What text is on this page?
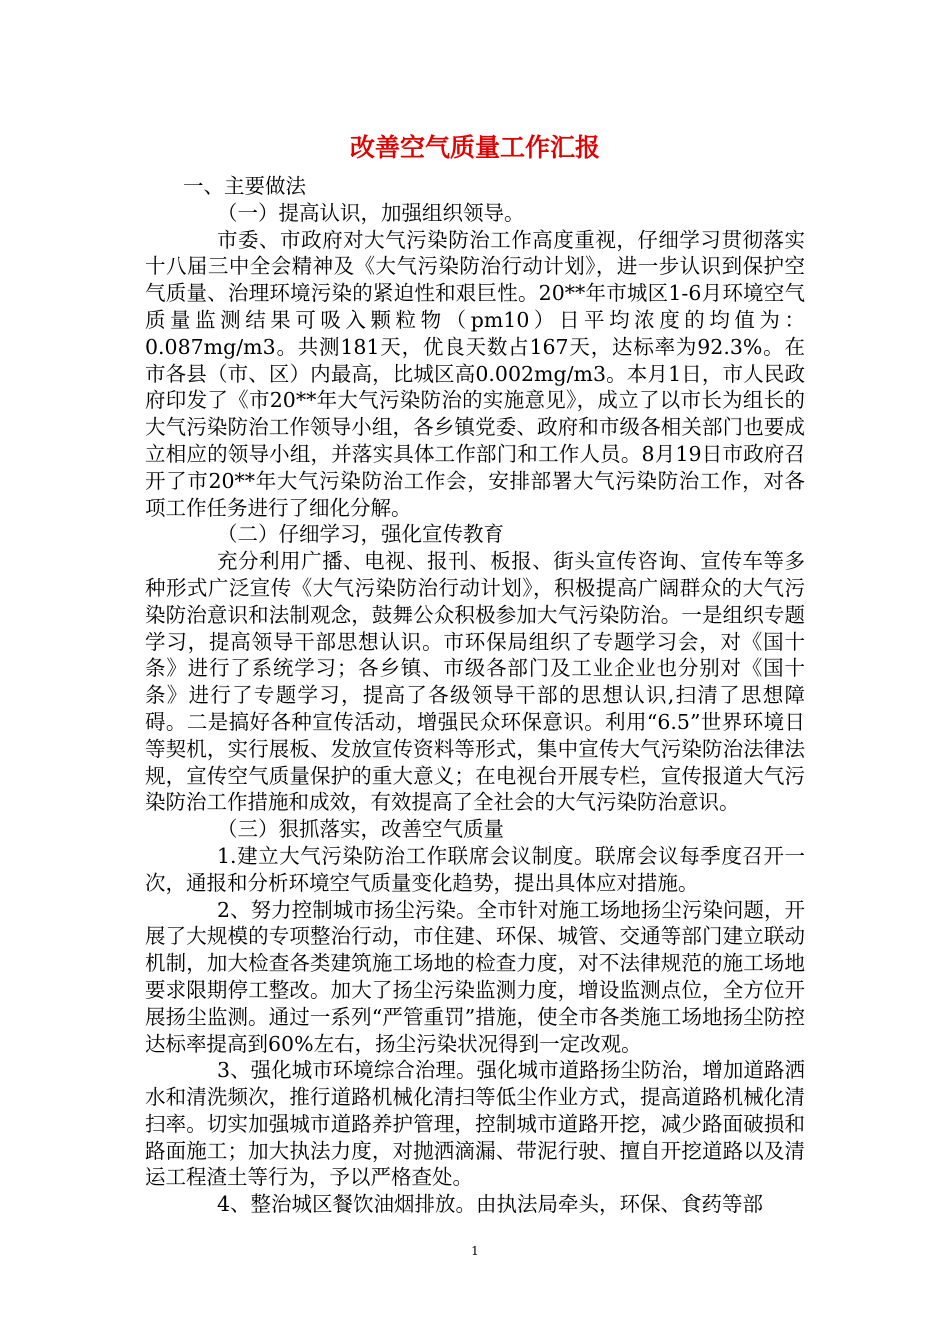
改善空气质量工作汇报

一、主要做法

（一）提高认识，加强组织领导。

市委、市政府对大气污染防治工作高度重视，仔细学习贯彻落实十八届三中全会精神及《大气污染防治行动计划》，进一步认识到保护空气质量、治理环境污染的紧迫性和艰巨性。20**年市城区1-6月环境空气质量监测结果可吸入颗粒物（pm10）日平均浓度的均值为：0.087mg/m3。共测181天，优良天数占167天，达标率为92.3%。在市各县（市、区）内最高，比城区高0.002mg/m3。本月1日，市人民政府印发了《市20**年大气污染防治的实施意见》，成立了以市长为组长的大气污染防治工作领导小组，各乡镇党委、政府和市级各相关部门也要成立相应的领导小组，并落实具体工作部门和工作人员。8月19日市政府召开了市20**年大气污染防治工作会，安排部署大气污染防治工作，对各项工作任务进行了细化分解。

（二）仔细学习，强化宣传教育

充分利用广播、电视、报刊、板报、街头宣传咨询、宣传车等多种形式广泛宣传《大气污染防治行动计划》，积极提高广阔群众的大气污染防治意识和法制观念，鼓舞公众积极参加大气污染防治。一是组织专题学习，提高领导干部思想认识。市环保局组织了专题学习会，对《国十条》进行了系统学习；各乡镇、市级各部门及工业企业也分别对《国十条》进行了专题学习，提高了各级领导干部的思想认识,扫清了思想障碍。二是搞好各种宣传活动，增强民众环保意识。利用“6.5”世界环境日等契机，实行展板、发放宣传资料等形式，集中宣传大气污染防治法律法规，宣传空气质量保护的重大意义；在电视台开展专栏，宣传报道大气污染防治工作措施和成效，有效提高了全社会的大气污染防治意识。

（三）狠抓落实，改善空气质量

1.建立大气污染防治工作联席会议制度。联席会议每季度召开一次，通报和分析环境空气质量变化趋势，提出具体应对措施。

2、努力控制城市扬尘污染。全市针对施工场地扬尘污染问题，开展了大规模的专项整治行动，市住建、环保、城管、交通等部门建立联动机制，加大检查各类建筑施工场地的检查力度，对不法律规范的施工场地要求限期停工整改。加大了扬尘污染监测力度，增设监测点位，全方位开展扬尘监测。通过一系列“严管重罚”措施，使全市各类施工场地扬尘防控达标率提高到60%左右，扬尘污染状况得到一定改观。

3、强化城市环境综合治理。强化城市道路扬尘防治，增加道路洒水和清洗频次，推行道路机械化清扫等低尘作业方式，提高道路机械化清扫率。切实加强城市道路养护管理，控制城市道路开挖，减少路面破损和路面施工；加大执法力度，对抛洒滴漏、带泥行驶、擅自开挖道路以及清运工程渣土等行为，予以严格查处。

4、整治城区餐饮油烟排放。由执法局牵头，环保、食药等部

1
